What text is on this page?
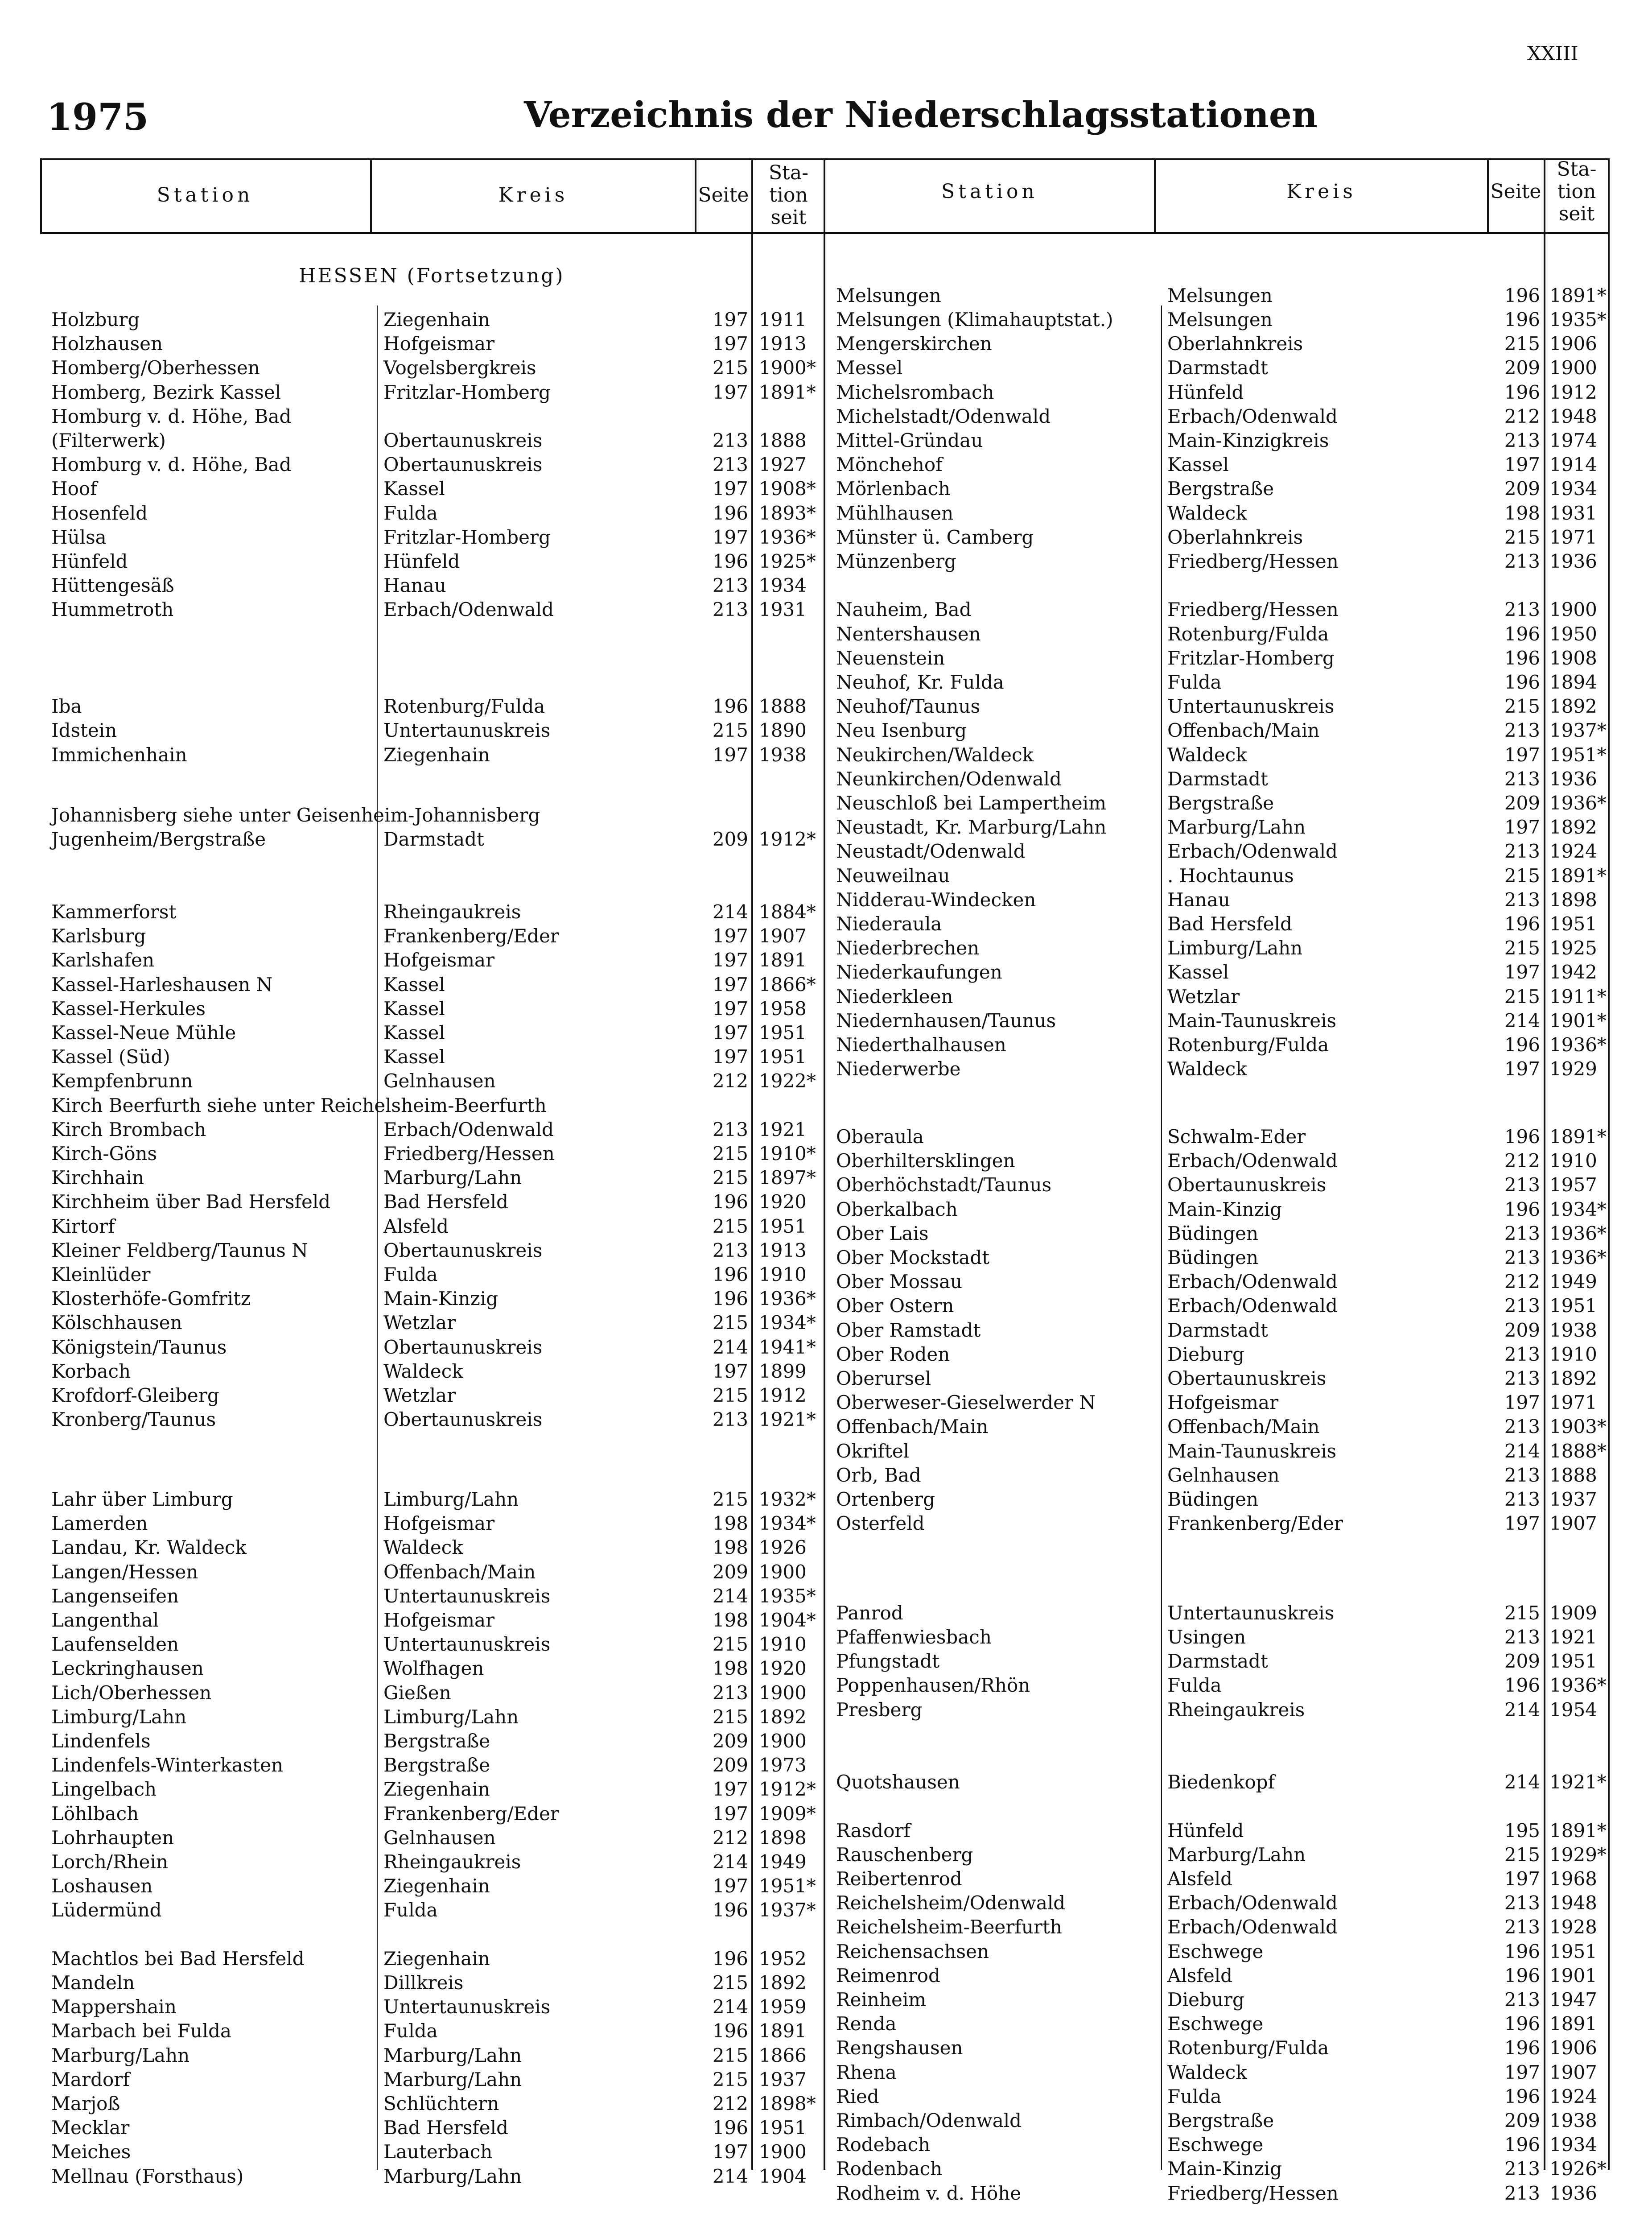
XXIII
1975	Verzeichnis der Niederschlagsstationen
Station	Kreis	Seite
Sta-
tion
seit
Station	Kreis	Seite
Sta-
tion
seit
HESSEN (Fortsetzung)
Holzburg	Ziegenhain	197 1911
Holzhausen	Hofgeismar	197 1913
Homberg/Oberhessen	Vogelsbergkreis	215 1900*
Homberg, Bezirk Kassel	Fritzlar-Homberg	197 1891*
Homburg v. d. Höhe, Bad
(Filterwerk)	Obertaunuskreis	213 1888
Homburg v. d. Höhe, Bad	Obertaunuskreis	213 1927
Hoof	Kassel	197 1908*
Hosenfeld	Fulda	196 1893*
Hülsa	Fritzlar-Homberg	197 1936*
Hünfeld	Hünfeld	196 1925*
Hüttengesäß	Hanau	213 1934
Hummetroth	Erbach/Odenwald	213 1931
Iba	Rotenburg/Fulda	196 1888
Idstein	Untertaunuskreis	215 1890
Immichenhain	Ziegenhain	197 1938
Johannisberg siehe unter Geisenheim-Johannisberg
Jugenheim/Bergstraße	Darmstadt	209 1912*
Kammerforst	Rheingaukreis	214 1884*
Karlsburg	Frankenberg/Eder	197 1907
Karlshafen	Hofgeismar	197 1891
Kassel-Harleshausen N	Kassel	197 1866*
Kassel-Herkules	Kassel	197 1958
Kassel-Neue Mühle	Kassel	197 1951
Kassel (Süd)	Kassel	197 1951
Kempfenbrunn	Gelnhausen	212 1922*
Kirch Beerfurth siehe unter Reichelsheim-Beerfurth
Kirch Brombach	Erbach/Odenwald	213 1921
Kirch-Göns	Friedberg/Hessen	215 1910*
Kirchhain	Marburg/Lahn	215 1897*
Kirchheim über Bad Hersfeld	Bad Hersfeld	196 1920
Kirtorf	Alsfeld	215 1951
Kleiner Feldberg/Taunus N	Obertaunuskreis	213 1913
Kleinlüder	Fulda	196 1910
Klosterhöfe-Gomfritz	Main-Kinzig	196 1936*
Kölschhausen	Wetzlar	215 1934*
Königstein/Taunus	Obertaunuskreis	214 1941*
Korbach	Waldeck	197 1899
Krofdorf-Gleiberg	Wetzlar	215 1912
Kronberg/Taunus	Obertaunuskreis	213 1921*
Lahr über Limburg	Limburg/Lahn	215 1932*
Lamerden	Hofgeismar	198 1934*
Landau, Kr. Waldeck	Waldeck	198 1926
Langen/Hessen	Offenbach/Main	209 1900
Langenseifen	Untertaunuskreis	214 1935*
Langenthal	Hofgeismar	198 1904*
Laufenselden	Untertaunuskreis	215 1910
Leckringhausen	Wolfhagen	198 1920
Lich/Oberhessen	Gießen	213 1900
Limburg/Lahn	Limburg/Lahn	215 1892
Lindenfels	Bergstraße	209 1900
Lindenfels-Winterkasten	Bergstraße	209 1973
Lingelbach	Ziegenhain	197 1912*
Löhlbach	Frankenberg/Eder	197 1909*
Lohrhaupten	Gelnhausen	212 1898
Lorch/Rhein	Rheingaukreis	214 1949
Loshausen	Ziegenhain	197 1951*
Lüdermünd	Fulda	196 1937*
Machtlos bei Bad Hersfeld	Ziegenhain	196 1952
Mandeln	Dillkreis	215 1892
Mappershain	Untertaunuskreis	214 1959
Marbach bei Fulda	Fulda	196 1891
Marburg/Lahn	Marburg/Lahn	215 1866
Mardorf	Marburg/Lahn	215 1937
Marjoß	Schlüchtern	212 1898*
Mecklar	Bad Hersfeld	196 1951
Meiches	Lauterbach	197 1900
Mellnau (Forsthaus)	Marburg/Lahn	214 1904
Melsungen	Melsungen	196 1891*
Melsungen (Klimahauptstat.)	Melsungen	196 1935*
Mengerskirchen	Oberlahnkreis	215 1906
Messel	Darmstadt	209 1900
Michelsrombach	Hünfeld	196 1912
Michelstadt/Odenwald	Erbach/Odenwald	212 1948
Mittel-Gründau	Main-Kinzigkreis	213 1974
Mönchehof	Kassel	197 1914
Mörlenbach	Bergstraße	209 1934
Mühlhausen	Waldeck	198 1931
Münster ü. Camberg	Oberlahnkreis	215 1971
Münzenberg	Friedberg/Hessen	213 1936
Nauheim, Bad	Friedberg/Hessen	213 1900
Nentershausen	Rotenburg/Fulda	196 1950
Neuenstein	Fritzlar-Homberg	196 1908
Neuhof, Kr. Fulda	Fulda	196 1894
Neuhof/Taunus	Untertaunuskreis	215 1892
Neu Isenburg	Offenbach/Main	213 1937*
Neukirchen/Waldeck	Waldeck	197 1951*
Neunkirchen/Odenwald	Darmstadt	213 1936
Neuschloß bei Lampertheim	Bergstraße	209 1936*
Neustadt, Kr. Marburg/Lahn	Marburg/Lahn	197 1892
Neustadt/Odenwald	Erbach/Odenwald	213 1924
Neuweilnau	. Hochtaunus	215 1891*
Nidderau-Windecken	Hanau	213 1898
Niederaula	Bad Hersfeld	196 1951
Niederbrechen	Limburg/Lahn	215 1925
Niederkaufungen	Kassel	197 1942
Niederkleen	Wetzlar	215 1911*
Niedernhausen/Taunus	Main-Taunuskreis	214 1901*
Niederthalhausen	Rotenburg/Fulda	196 1936*
Niederwerbe	Waldeck	197 1929
Oberaula	Schwalm-Eder	196 1891*
Oberhiltersklingen	Erbach/Odenwald	212 1910
Oberhöchstadt/Taunus	Obertaunuskreis	213 1957
Oberkalbach	Main-Kinzig	196 1934*
Ober Lais	Büdingen	213 1936*
Ober Mockstadt	Büdingen	213 1936*
Ober Mossau	Erbach/Odenwald	212 1949
Ober Ostern	Erbach/Odenwald	213 1951
Ober Ramstadt	Darmstadt	209 1938
Ober Roden	Dieburg	213 1910
Oberursel	Obertaunuskreis	213 1892
Oberweser-Gieselwerder N	Hofgeismar	197 1971
Offenbach/Main	Offenbach/Main	213 1903*
Okriftel	Main-Taunuskreis	214 1888*
Orb, Bad	Gelnhausen	213 1888
Ortenberg	Büdingen	213 1937
Osterfeld	Frankenberg/Eder	197 1907
Panrod	Untertaunuskreis	215 1909
Pfaffenwiesbach	Usingen	213 1921
Pfungstadt	Darmstadt	209 1951
Poppenhausen/Rhön	Fulda	196 1936*
Presberg	Rheingaukreis	214 1954
Quotshausen	Biedenkopf	214 1921*
Rasdorf	Hünfeld	195 1891*
Rauschenberg	Marburg/Lahn	215 1929*
Reibertenrod	Alsfeld	197 1968
Reichelsheim/Odenwald	Erbach/Odenwald	213 1948
Reichelsheim-Beerfurth	Erbach/Odenwald	213 1928
Reichensachsen	Eschwege	196 1951
Reimenrod	Alsfeld	196 1901
Reinheim	Dieburg	213 1947
Renda	Eschwege	196 1891
Rengshausen	Rotenburg/Fulda	196 1906
Rhena	Waldeck	197 1907
Ried	Fulda	196 1924
Rimbach/Odenwald	Bergstraße	209 1938
Rodebach	Eschwege	196 1934
Rodenbach	Main-Kinzig	213 1926*
Rodheim v. d. Höhe	Friedberg/Hessen	213 1936
